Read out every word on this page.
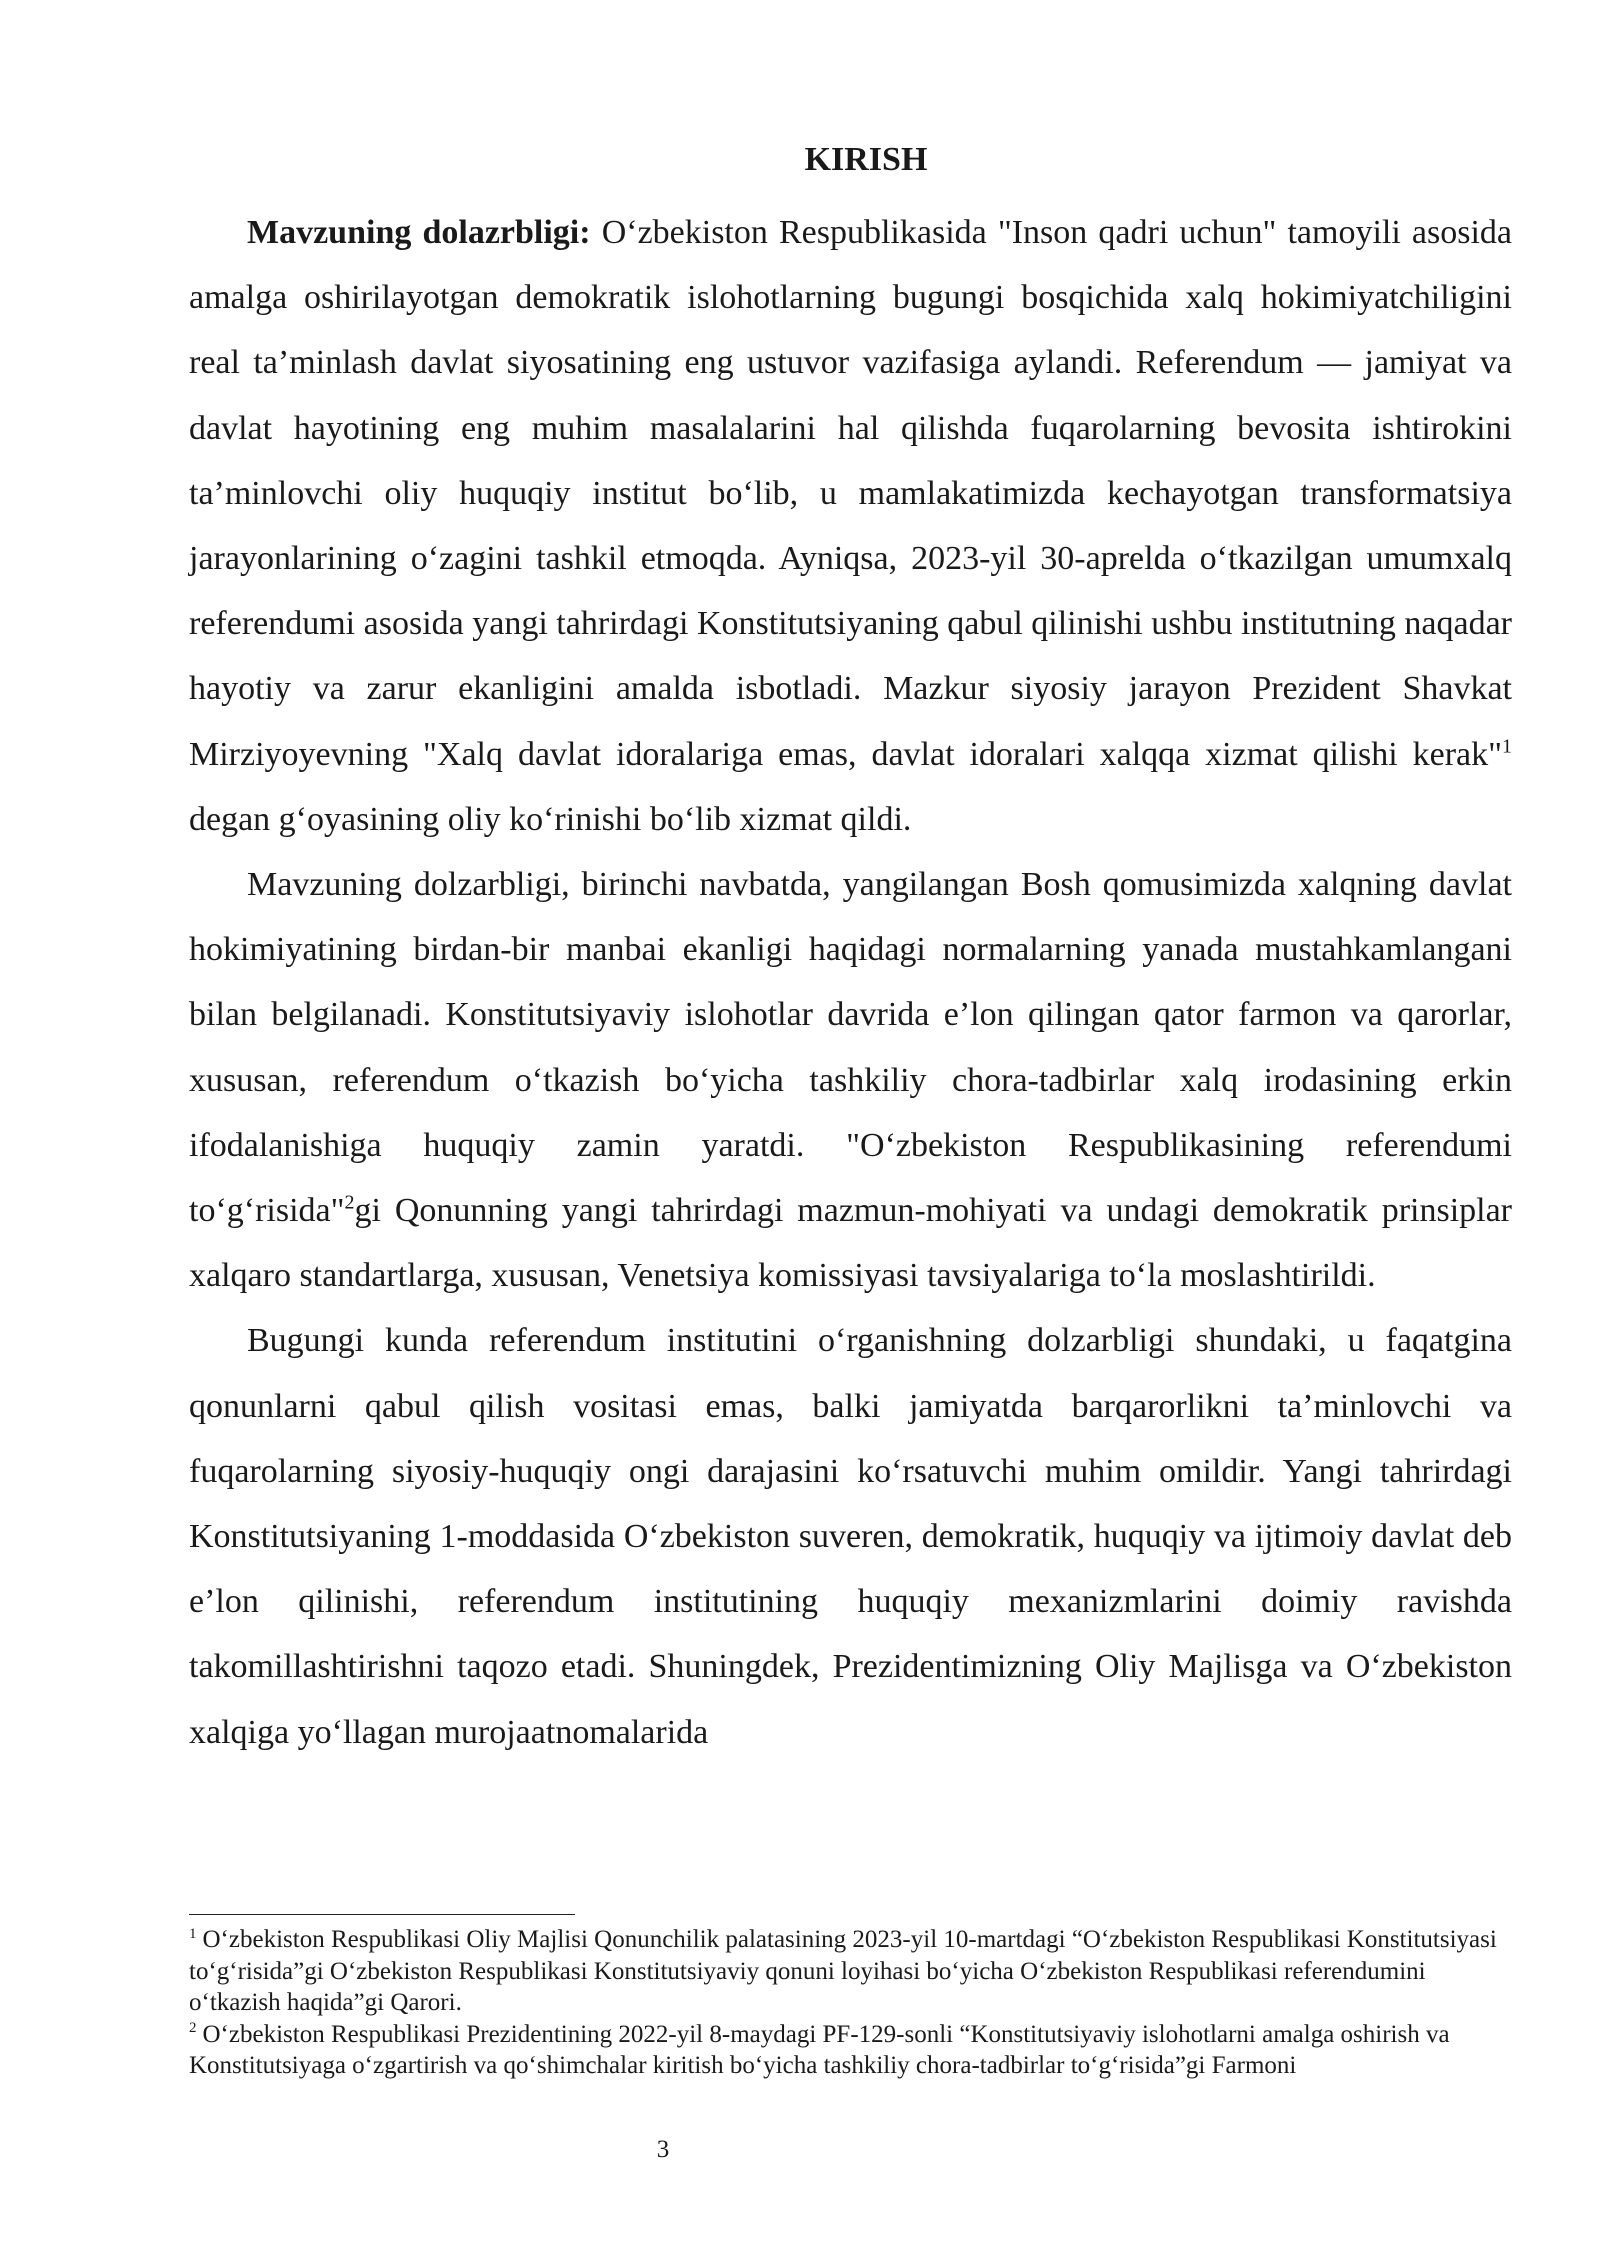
KIRISH

Mavzuning dolazrbligi: O‘zbekiston Respublikasida "Inson qadri uchun" tamoyili asosida amalga oshirilayotgan demokratik islohotlarning bugungi bosqichida xalq hokimiyatchiligini real ta’minlash davlat siyosatining eng ustuvor vazifasiga aylandi. Referendum — jamiyat va davlat hayotining eng muhim masalalarini hal qilishda fuqarolarning bevosita ishtirokini ta’minlovchi oliy huquqiy institut bo‘lib, u mamlakatimizda kechayotgan transformatsiya jarayonlarining o‘zagini tashkil etmoqda. Ayniqsa, 2023-yil 30-aprelda o‘tkazilgan umumxalq referendumi asosida yangi tahrirdagi Konstitutsiyaning qabul qilinishi ushbu institutning naqadar hayotiy va zarur ekanligini amalda isbotladi. Mazkur siyosiy jarayon Prezident Shavkat Mirziyoyevning "Xalq davlat idoralariga emas, davlat idoralari xalqqa xizmat qilishi kerak"$^1$ degan g‘oyasining oliy ko‘rinishi bo‘lib xizmat qildi.

Mavzuning dolzarbligi, birinchi navbatda, yangilangan Bosh qomusimizda xalqning davlat hokimiyatining birdan-bir manbai ekanligi haqidagi normalarning yanada mustahkamlangani bilan belgilanadi. Konstitutsiyaviy islohotlar davrida e’lon qilingan qator farmon va qarorlar, xususan, referendum o‘tkazish bo‘yicha tashkiliy chora-tadbirlar xalq irodasining erkin ifodalanishiga huquqiy zamin yaratdi. "O‘zbekiston Respublikasining referendumi to‘g‘risida"$^2$gi Qonunning yangi tahrirdagi mazmun-mohiyati va undagi demokratik prinsiplar xalqaro standartlarga, xususan, Venetsiya komissiyasi tavsiyalariga to‘la moslashtirildi.

Bugungi kunda referendum institutini o‘rganishning dolzarbligi shundaki, u faqatgina qonunlarni qabul qilish vositasi emas, balki jamiyatda barqarorlikni ta’minlovchi va fuqarolarning siyosiy-huquqiy ongi darajasini ko‘rsatuvchi muhim omildir. Yangi tahrirdagi Konstitutsiyaning 1-moddasida O‘zbekiston suveren, demokratik, huquqiy va ijtimoiy davlat deb e’lon qilinishi, referendum institutining huquqiy mexanizmlarini doimiy ravishda takomillashtirishni taqozo etadi. Shuningdek, Prezidentimizning Oliy Majlisga va O‘zbekiston xalqiga yo‘llagan murojaatnomalarida

$^1$ O‘zbekiston Respublikasi Oliy Majlisi Qonunchilik palatasining 2023-yil 10-martdagi “O‘zbekiston Respublikasi Konstitutsiyasi to‘g‘risida”gi O‘zbekiston Respublikasi Konstitutsiyaviy qonuni loyihasi bo‘yicha O‘zbekiston Respublikasi referendumini o‘tkazish haqida”gi Qarori.

$^2$ O‘zbekiston Respublikasi Prezidentining 2022-yil 8-maydagi PF-129-sonli “Konstitutsiyaviy islohotlarni amalga oshirish va Konstitutsiyaga o‘zgartirish va qo‘shimchalar kiritish bo‘yicha tashkiliy chora-tadbirlar to‘g‘risida”gi Farmoni

3
